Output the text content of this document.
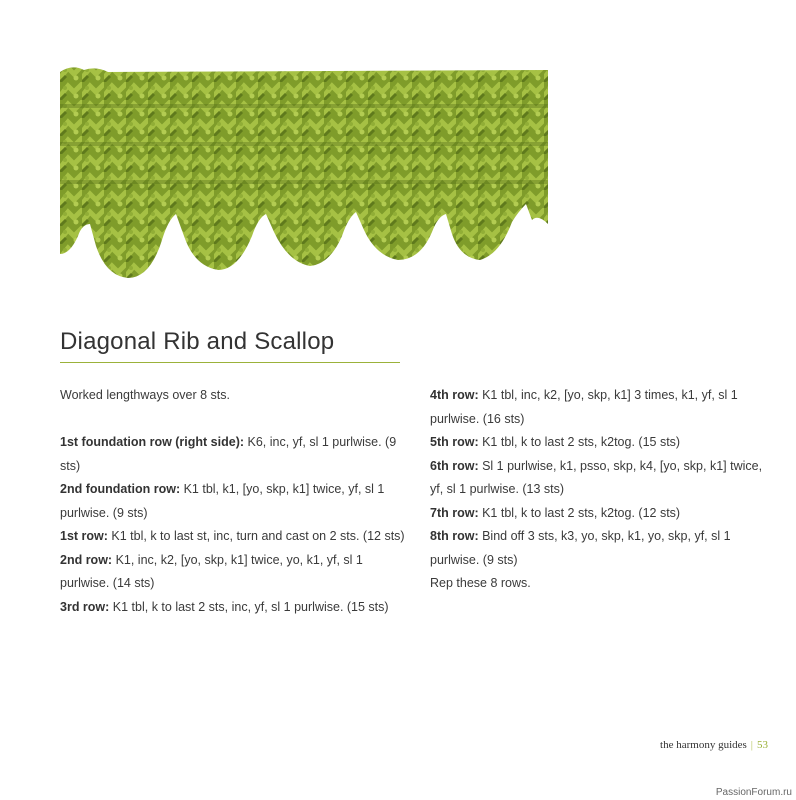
Diagonal Rib and Scallop

Worked lengthways over 8 sts.

1st foundation row (right side): K6, inc, yf, sl 1 purlwise. (9 sts)

2nd foundation row: K1 tbl, k1, [yo, skp, k1] twice, yf, sl 1 purlwise. (9 sts)

1st row: K1 tbl, k to last st, inc, turn and cast on 2 sts. (12 sts)

2nd row: K1, inc, k2, [yo, skp, k1] twice, yo, k1, yf, sl 1 purlwise. (14 sts)

3rd row: K1 tbl, k to last 2 sts, inc, yf, sl 1 purlwise. (15 sts)

4th row: K1 tbl, inc, k2, [yo, skp, k1] 3 times, k1, yf, sl 1 purlwise. (16 sts)

5th row: K1 tbl, k to last 2 sts, k2tog. (15 sts)

6th row: Sl 1 purlwise, k1, psso, skp, k4, [yo, skp, k1] twice, yf, sl 1 purlwise. (13 sts)

7th row: K1 tbl, k to last 2 sts, k2tog. (12 sts)

8th row: Bind off 3 sts, k3, yo, skp, k1, yo, skp, yf, sl 1 purlwise. (9 sts)

Rep these 8 rows.

the harmony guides | 53
PassionForum.ru
